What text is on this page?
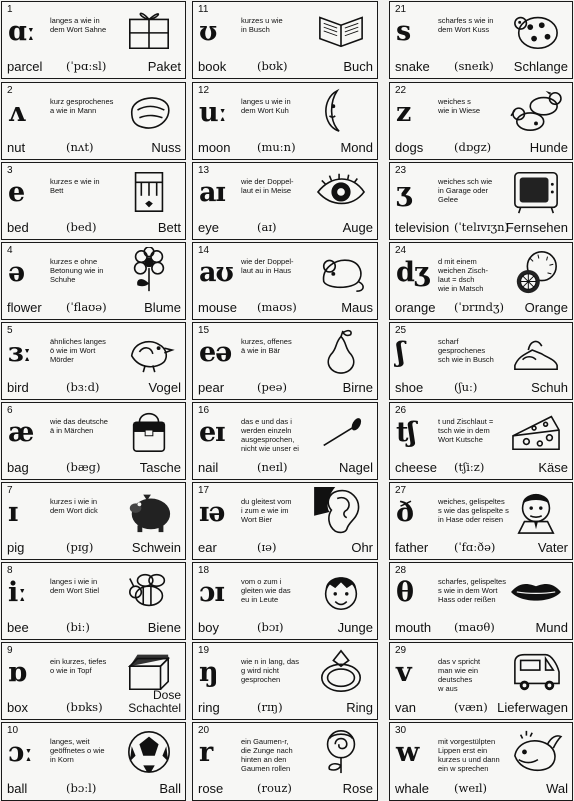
1
ɑː langes a wie in
dem Wort Sahne
parcel (ˈpɑːsl)	Paket
2
ʌ	kurz gesprochenes
a wie in Mann
nut	(nʌt)	Nuss
3
e	kurzes e wie in
Bett
bed	(bed)	Bett
4
ə	kurzes e ohne
Betonung wie in
Schuhe
flower (ˈflaʊə)	Blume
5
ɜː	ähnliches langes
ö wie im Wort
Mörder
bird	(bɜːd)	Vogel
6
æ wie das deutsche
ä in Märchen
bag	(bæg)	Tasche
7
ɪ	kurzes i wie in
dem Wort dick
pig	(pɪg)	Schwein
8
iː	langes i wie in
dem Wort Stiel
bee	(biː)	Biene
9
ɒ	ein kurzes, tiefes
o wie in Topf
box	(bɒks)
Dose
Schachtel
10
ɔː langes, weit
geöffnetes o wie
in Korn
ball	(bɔːl)	Ball
11
ʊ	kurzes u wie
in Busch
book	(bʊk)	Buch
12
uː langes u wie in
dem Wort Kuh
moon (muːn)	Mond
13
aɪ wie der Doppel-
laut ei in Meise
eye	(aɪ)	Auge
14
aʊ wie der Doppel-
laut au in Haus
mouse (maʊs)	Maus
15
eə kurzes, offenes
ä wie in Bär
pear	(peə)	Birne
16
eɪ das e und das i
werden einzeln
ausgesprochen,
nicht wie unser ei
nail	(neɪl)	Nagel
17
ɪə du gleitest vom
i zum e wie im
Wort Bier
ear	(ɪə)	Ohr
18
ɔɪ vom o zum i
gleiten wie das
eu in Leute
boy	(bɔɪ)	Junge
19
ŋ	wie n in lang, das
g wird nicht
gesprochen
ring	(rɪŋ)	Ring
20
r	ein Gaumen-r,
die Zunge nach
hinten an den
Gaumen rollen
rose	(rouz)	Rose
21
s	scharfes s wie in
dem Wort Kuss
snake (sneɪk) Schlange
22
z	weiches s
wie in Wiese
dogs	(dɒgz)	Hunde
23
ʒ	weiches sch wie
in Garage oder
Gelee
television (ˈtelɪvɪʒn)
Fernsehen
24
dʒ d mit einem
weichen Zisch-
laut = dsch
wie in Matsch
orange (ˈɒrɪndʒ) Orange
25
ʃ	scharf
gesprochenes
sch wie in Busch
shoe	(ʃuː)	Schuh
26
tʃ	t und Zischlaut =
tsch wie in dem
Wort Kutsche
cheese (tʃiːz)	Käse
27
ð	weiches, gelispeltes
s wie das gelispelte s
in Hase oder reisen
father (ˈfɑːðə)	Vater
28
θ	scharfes, gelispeltes
s wie in dem Wort
Hass oder reißen
mouth (maʊθ)	Mund
29
v	das v spricht
man wie ein
deutsches
w aus
van	(væn) Lieferwagen
30
w	mit vorgestülpten
Lippen erst ein
kurzes u und dann
ein w sprechen
whale (weɪl)	Wal
